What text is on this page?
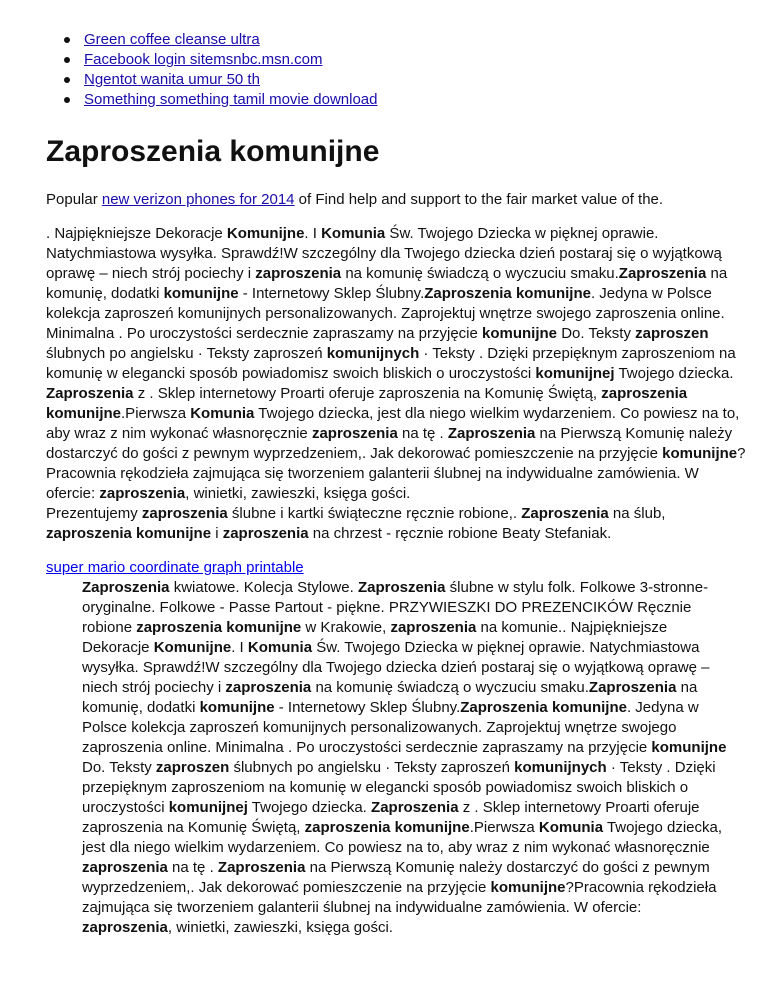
Green coffee cleanse ultra
Facebook login sitemsnbc.msn.com
Ngentot wanita umur 50 th
Something something tamil movie download
Zaproszenia komunijne

Popular new verizon phones for 2014 of Find help and support to the fair market value of the.

. Najpiękniejsze Dekoracje Komunijne. I Komunia Św. Twojego Dziecka w pięknej oprawie. Natychmiastowa wysyłka. Sprawdź!W szczególny dla Twojego dziecka dzień postaraj się o wyjątkową oprawę – niech strój pociechy i zaproszenia na komunię świadczą o wyczuciu smaku.Zaproszenia na komunię, dodatki komunijne - Internetowy Sklep Ślubny.Zaproszenia komunijne. Jedyna w Polsce kolekcja zaproszeń komunijnych personalizowanych. Zaprojektuj wnętrze swojego zaproszenia online. Minimalna . Po uroczystości serdecznie zapraszamy na przyjęcie komunijne Do. Teksty zaproszen ślubnych po angielsku · Teksty zaproszeń komunijnych · Teksty . Dzięki przepięknym zaproszeniom na komunię w elegancki sposób powiadomisz swoich bliskich o uroczystości komunijnej Twojego dziecka. Zaproszenia z . Sklep internetowy Proarti oferuje zaproszenia na Komunię Świętą, zaproszenia komunijne.Pierwsza Komunia Twojego dziecka, jest dla niego wielkim wydarzeniem. Co powiesz na to, aby wraz z nim wykonać własnoręcznie zaproszenia na tę . Zaproszenia na Pierwszą Komunię należy dostarczyć do gości z pewnym wyprzedzeniem,. Jak dekorować pomieszczenie na przyjęcie komunijne?Pracownia rękodzieła zajmująca się tworzeniem galanterii ślubnej na indywidualne zamówienia. W ofercie: zaproszenia, winietki, zawieszki, księga gości.

Prezentujemy zaproszenia ślubne i kartki świąteczne ręcznie robione,. Zaproszenia na ślub, zaproszenia komunijne i zaproszenia na chrzest - ręcznie robione Beaty Stefaniak.

super mario coordinate graph printable

Zaproszenia kwiatowe. Kolecja Stylowe. Zaproszenia ślubne w stylu folk. Folkowe 3-stronne- oryginalne. Folkowe - Passe Partout - piękne. PRZYWIESZKI DO PREZENCIKÓW Ręcznie robione zaproszenia komunijne w Krakowie, zaproszenia na komunie.. Najpiękniejsze Dekoracje Komunijne. I Komunia Św. Twojego Dziecka w pięknej oprawie. Natychmiastowa wysyłka. Sprawdź!W szczególny dla Twojego dziecka dzień postaraj się o wyjątkową oprawę – niech strój pociechy i zaproszenia na komunię świadczą o wyczuciu smaku.Zaproszenia na komunię, dodatki komunijne - Internetowy Sklep Ślubny.Zaproszenia komunijne. Jedyna w Polsce kolekcja zaproszeń komunijnych personalizowanych. Zaprojektuj wnętrze swojego zaproszenia online. Minimalna . Po uroczystości serdecznie zapraszamy na przyjęcie komunijne Do. Teksty zaproszen ślubnych po angielsku · Teksty zaproszeń komunijnych · Teksty . Dzięki przepięknym zaproszeniom na komunię w elegancki sposób powiadomisz swoich bliskich o uroczystości komunijnej Twojego dziecka. Zaproszenia z . Sklep internetowy Proarti oferuje zaproszenia na Komunię Świętą, zaproszenia komunijne.Pierwsza Komunia Twojego dziecka, jest dla niego wielkim wydarzeniem. Co powiesz na to, aby wraz z nim wykonać własnoręcznie zaproszenia na tę . Zaproszenia na Pierwszą Komunię należy dostarczyć do gości z pewnym wyprzedzeniem,. Jak dekorować pomieszczenie na przyjęcie komunijne?Pracownia rękodzieła zajmująca się tworzeniem galanterii ślubnej na indywidualne zamówienia. W ofercie: zaproszenia, winietki, zawieszki, księga gości.
